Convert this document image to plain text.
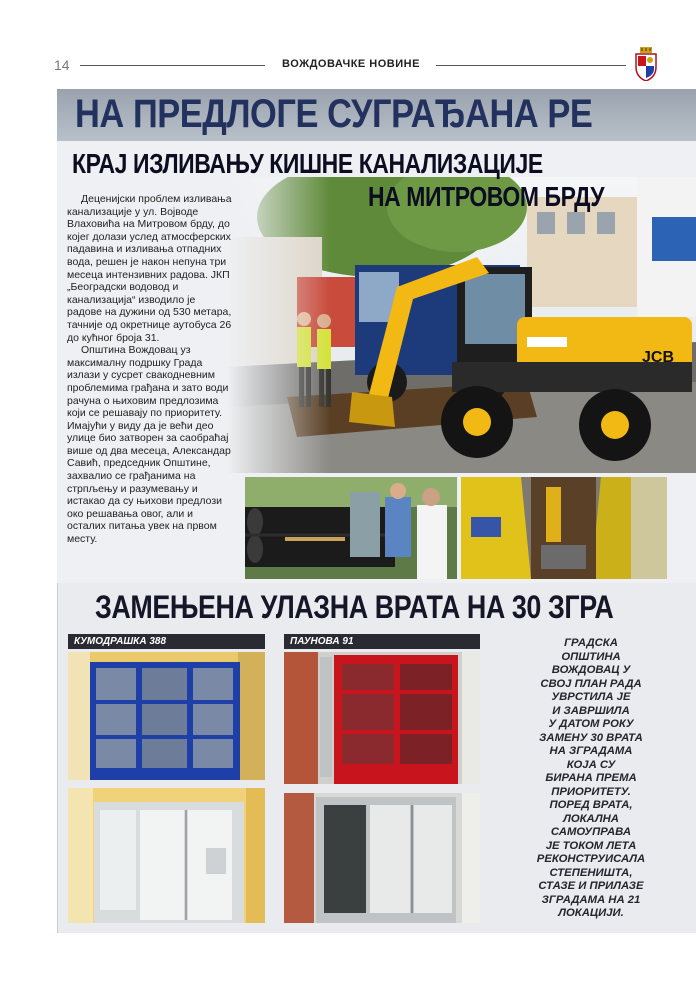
14	ВОЖДОВАЧКЕ НОВИНЕ
НА ПРЕДЛОГЕ СУГРАЂАНА РЕ
КРАЈ ИЗЛИВАЊУ КИШНЕ КАНАЛИЗАЦИЈЕ
НА МИТРОВОМ БРДУ

Деценијски проблем изливања канализације у ул. Војводе Влаховића на Митровом брду, до којег долази услед атмосферских падавина и изливања отпадних вода, решен је након непуна три месеца интензивних радова. ЈКП „Београдски водовод и канализација“ изводило је радове на дужини од 530 метара, тачније од окретнице аутобуса 26 до кућног броја 31.

Општина Вождовац уз максималну подршку Града излази у сусрет свакодневним проблемима грађана и зато води рачуна о њиховим предлозима који се решавају по приоритету. Имајући у виду да је већи део улице био затворен за саобраћај више од два месеца, Александар Савић, председник Општине, захвалио се грађанима на стрпљењу и разумевању и истакао да су њихови предлози око решавања овог, али и осталих питања увек на првом месту.

ЗАМЕЊЕНА УЛАЗНА ВРАТА НА 30 ЗГРА
КУМОДРАШКА 388	ПАУНОВА 91	ГРАДСКА
ОПШТИНА
ВОЖДОВАЦ У
СВОЈ ПЛАН РАДА
УВРСТИЛА ЈЕ
И ЗАВРШИЛА
У ДАТОМ РОКУ
ЗАМЕНУ 30 ВРАТА
НА ЗГРАДАМА
КОЈА СУ
БИРАНА ПРЕМА
ПРИОРИТЕТУ.
ПОРЕД ВРАТА,
ЛОКАЛНА
САМОУПРАВА
ЈЕ ТОКОМ ЛЕТА
РЕКОНСТРУИСАЛА
СТЕПЕНИШТА,
СТАЗЕ И ПРИЛАЗЕ
ЗГРАДАМА НА 21
ЛОКАЦИЈИ.
